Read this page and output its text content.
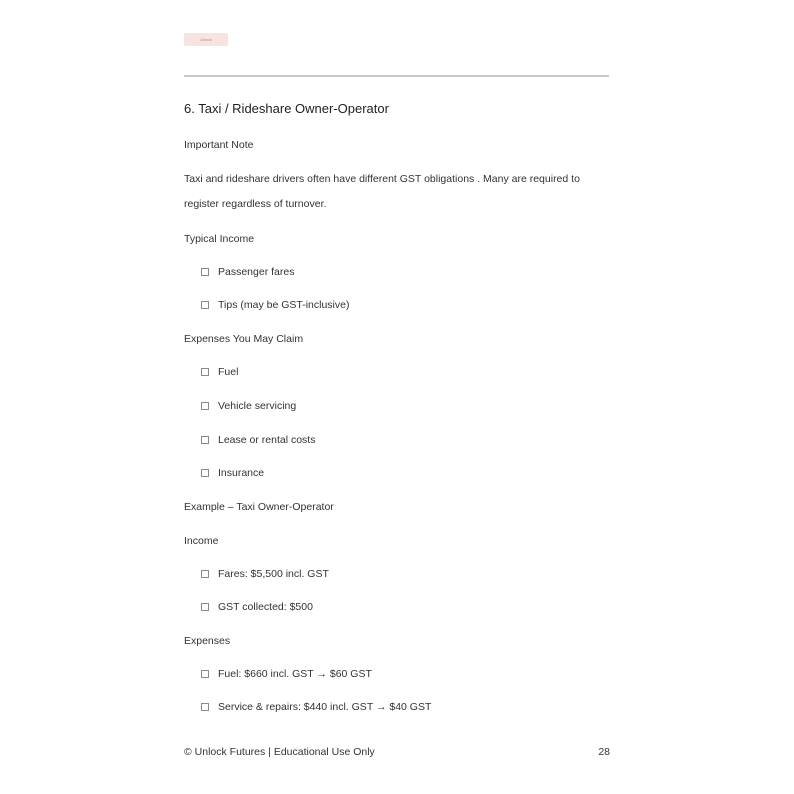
Unlock
6. Taxi / Rideshare Owner-Operator
Important Note
Taxi and rideshare drivers often have different GST obligations . Many are required to
register regardless of turnover.
Typical Income
Passenger fares
Tips (may be GST-inclusive)
Expenses You May Claim
Fuel
Vehicle servicing
Lease or rental costs
Insurance
Example – Taxi Owner-Operator
Income
Fares: $5,500 incl. GST
GST collected: $500
Expenses
Fuel: $660 incl. GST → $60 GST
Service & repairs: $440 incl. GST → $40 GST
© Unlock Futures | Educational Use Only	28
